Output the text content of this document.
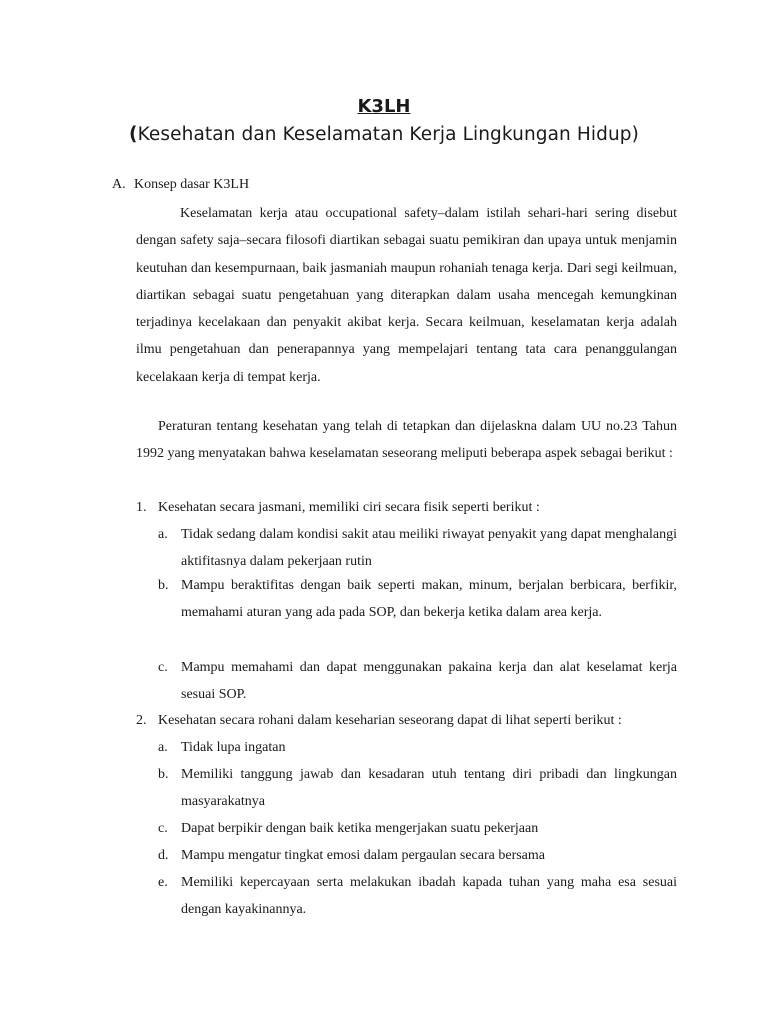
K3LH
(Kesehatan dan Keselamatan Kerja Lingkungan Hidup)
A. Konsep dasar K3LH

Keselamatan kerja atau occupational safety–dalam istilah sehari-hari sering disebut dengan safety saja–secara filosofi diartikan sebagai suatu pemikiran dan upaya untuk menjamin keutuhan dan kesempurnaan, baik jasmaniah maupun rohaniah tenaga kerja. Dari segi keilmuan, diartikan sebagai suatu pengetahuan yang diterapkan dalam usaha mencegah kemungkinan terjadinya kecelakaan dan penyakit akibat kerja. Secara keilmuan, keselamatan kerja adalah ilmu pengetahuan dan penerapannya yang mempelajari tentang tata cara penanggulangan kecelakaan kerja di tempat kerja.

Peraturan tentang kesehatan yang telah di tetapkan dan dijelaskna dalam UU no.23 Tahun 1992 yang menyatakan bahwa keselamatan seseorang meliputi beberapa aspek sebagai berikut :

1. Kesehatan secara jasmani, memiliki ciri secara fisik seperti berikut :
a. Tidak sedang dalam kondisi sakit atau meiliki riwayat penyakit yang dapat menghalangi aktifitasnya dalam pekerjaan rutin
b. Mampu beraktifitas dengan baik seperti makan, minum, berjalan berbicara, berfikir, memahami aturan yang ada pada SOP, dan bekerja ketika dalam area kerja.
c. Mampu memahami dan dapat menggunakan pakaina kerja dan alat keselamat kerja sesuai SOP.
2. Kesehatan secara rohani dalam keseharian seseorang dapat di lihat seperti berikut :
a. Tidak lupa ingatan
b. Memiliki tanggung jawab dan kesadaran utuh tentang diri pribadi dan lingkungan masyarakatnya
c. Dapat berpikir dengan baik ketika mengerjakan suatu pekerjaan
d. Mampu mengatur tingkat emosi dalam pergaulan secara bersama
e. Memiliki kepercayaan serta melakukan ibadah kapada tuhan yang maha esa sesuai dengan kayakinannya.
